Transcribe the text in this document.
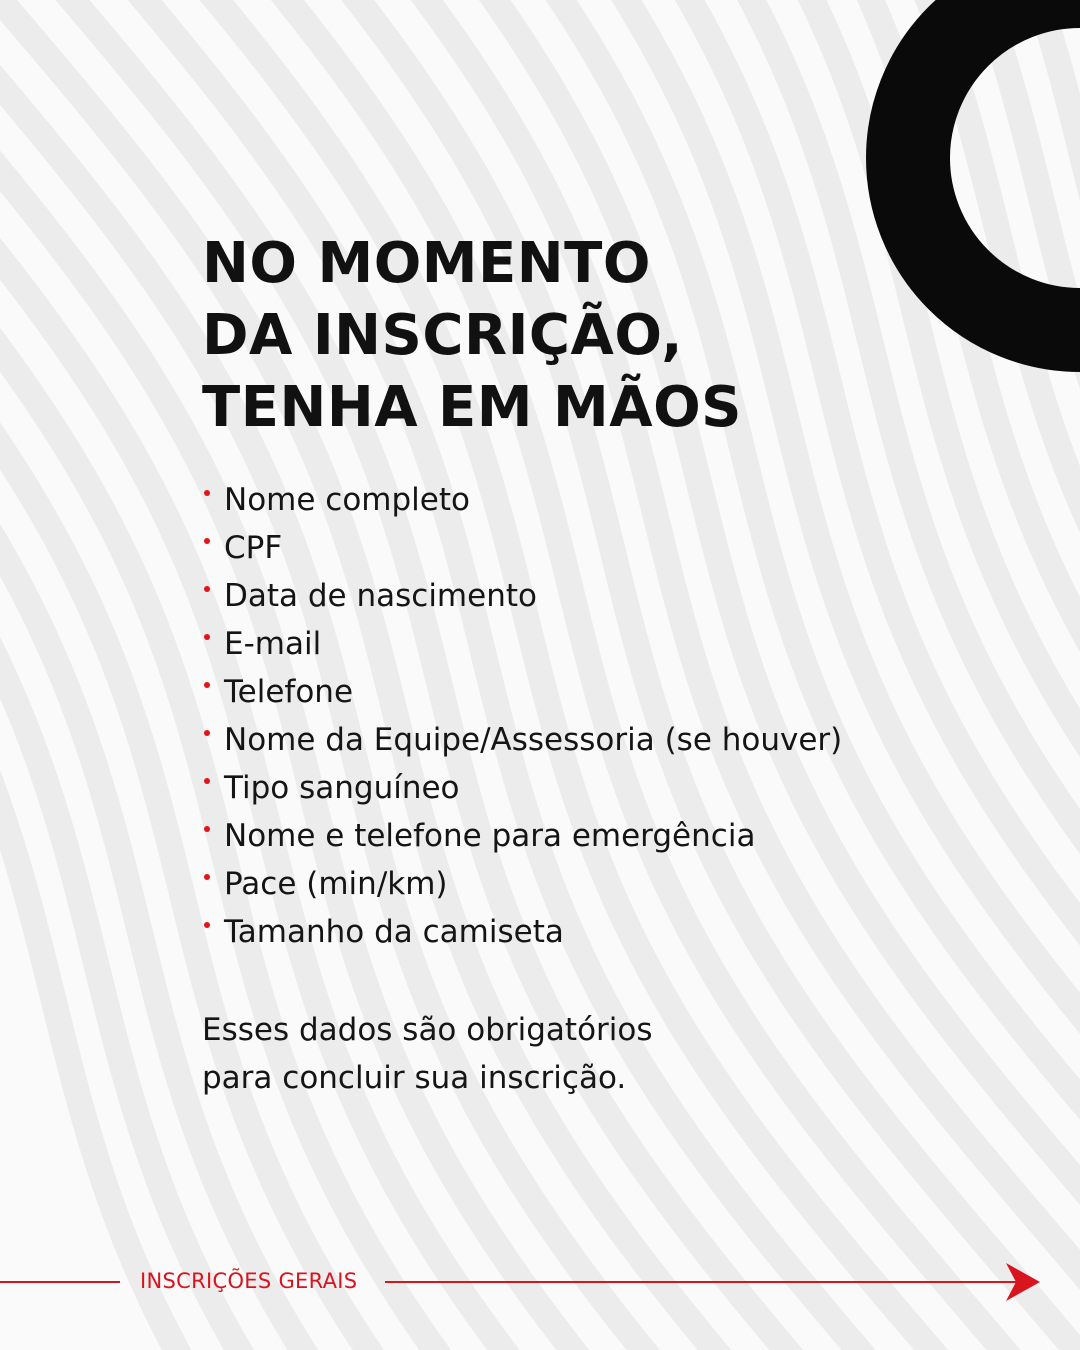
NO MOMENTO
DA INSCRIÇÃO,
TENHA EM MÃOS
Nome completo
CPF
Data de nascimento
E-mail
Telefone
Nome da Equipe/Assessoria (se houver)
Tipo sanguíneo
Nome e telefone para emergência
Pace (min/km)
Tamanho da camiseta
Esses dados são obrigatórios
para concluir sua inscrição.
INSCRIÇÕES GERAIS
